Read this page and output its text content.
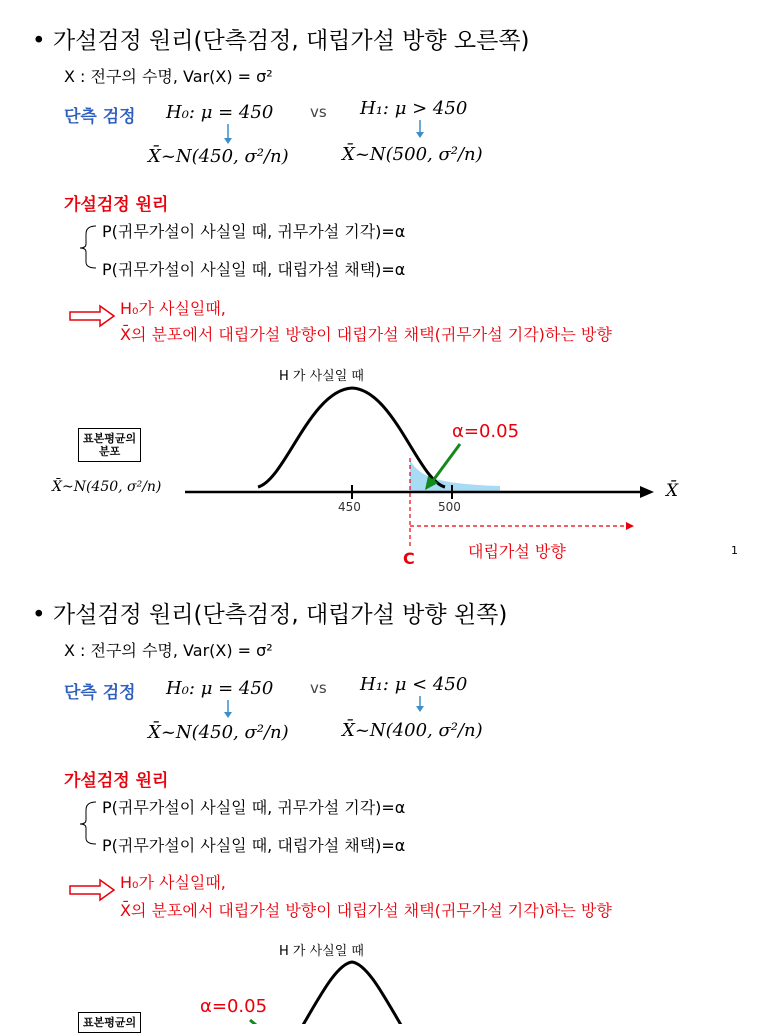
• 가설검정 원리(단측검정, 대립가설 방향 오른쪽)
X : 전구의 수명, Var(X) = σ²
단측 검정 H₀: μ = 450 vs H₁: μ > 450
X̄~N(450, σ²/n)	X̄~N(500, σ²/n)
가설검정 원리
P(귀무가설이 사실일 때, 귀무가설 기각)=α
P(귀무가설이 사실일 때, 대립가설 채택)=α
H₀가 사실일때,
X̄의 분포에서 대립가설 방향이 대립가설 채택(귀무가설 기각)하는 방향
H 가 사실일 때
표본평균의
분포
X̄~N(450, σ²/n)
α=0.05
450	500
X̄
C	대립가설 방향	1
• 가설검정 원리(단측검정, 대립가설 방향 왼쪽)
X : 전구의 수명, Var(X) = σ²
단측 검정 H₀: μ = 450 vs H₁: μ < 450
X̄~N(450, σ²/n)	X̄~N(400, σ²/n)
가설검정 원리
P(귀무가설이 사실일 때, 귀무가설 기각)=α
P(귀무가설이 사실일 때, 대립가설 채택)=α
H₀가 사실일때,
X̄의 분포에서 대립가설 방향이 대립가설 채택(귀무가설 기각)하는 방향
H 가 사실일 때
α=0.05
표본평균의
